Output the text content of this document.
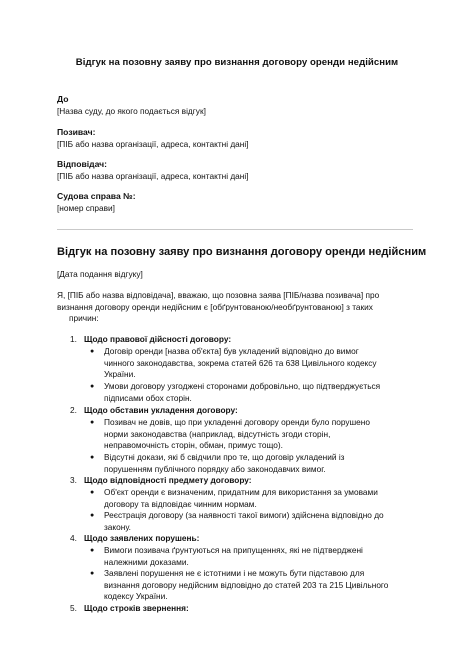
Відгук на позовну заяву про визнання договору оренди недійсним
До
[Назва суду, до якого подається відгук]
Позивач:
[ПІБ або назва організації, адреса, контактні дані]
Відповідач:
[ПІБ або назва організації, адреса, контактні дані]
Судова справа №:
[номер справи]
Відгук на позовну заяву про визнання договору оренди недійсним
[Дата подання відгуку]
Я, [ПІБ або назва відповідача], вважаю, що позовна заява [ПІБ/назва позивача] про
визнання договору оренди недійсним є [обґрунтованою/необґрунтованою] з таких
причин:
1. Щодо правової дійсності договору:
● Договір оренди [назва об'єкта] був укладений відповідно до вимог
чинного законодавства, зокрема статей 626 та 638 Цивільного кодексу
України.
● Умови договору узгоджені сторонами добровільно, що підтверджується
підписами обох сторін.
2. Щодо обставин укладення договору:
● Позивач не довів, що при укладенні договору оренди було порушено
норми законодавства (наприклад, відсутність згоди сторін,
неправомочність сторін, обман, примус тощо).
● Відсутні докази, які б свідчили про те, що договір укладений із
порушенням публічного порядку або законодавчих вимог.
3. Щодо відповідності предмету договору:
● Об'єкт оренди є визначеним, придатним для використання за умовами
договору та відповідає чинним нормам.
● Реєстрація договору (за наявності такої вимоги) здійснена відповідно до
закону.
4. Щодо заявлених порушень:
● Вимоги позивача ґрунтуються на припущеннях, які не підтверджені
належними доказами.
● Заявлені порушення не є істотними і не можуть бути підставою для
визнання договору недійсним відповідно до статей 203 та 215 Цивільного
кодексу України.
5. Щодо строків звернення:
